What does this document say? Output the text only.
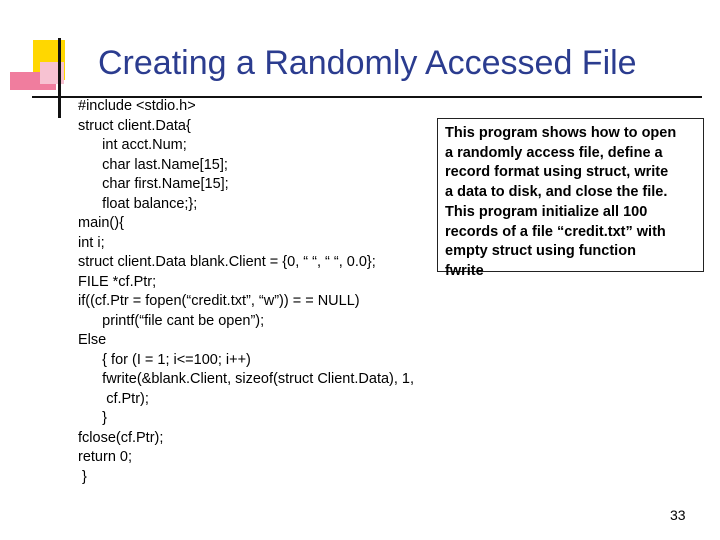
Creating a Randomly Accessed File
#include <stdio.h>
struct client.Data{
int acct.Num;
char last.Name[15];
char first.Name[15];
float balance;};
main(){
int i;
struct client.Data blank.Client = {0, “ “, “ “, 0.0};
FILE *cf.Ptr;
if((cf.Ptr = fopen(“credit.txt”, “w”)) = = NULL)
printf(“file cant be open”);
Else
{ for (I = 1; i<=100; i++)
fwrite(&blank.Client, sizeof(struct Client.Data), 1,
cf.Ptr);
}
fclose(cf.Ptr);
return 0;
}
This program shows how to open
a randomly access file, define a
record format using struct, write
a data to disk, and close the file.
This program initialize all 100
records of a file “credit.txt” with
empty struct using function
fwrite
33
